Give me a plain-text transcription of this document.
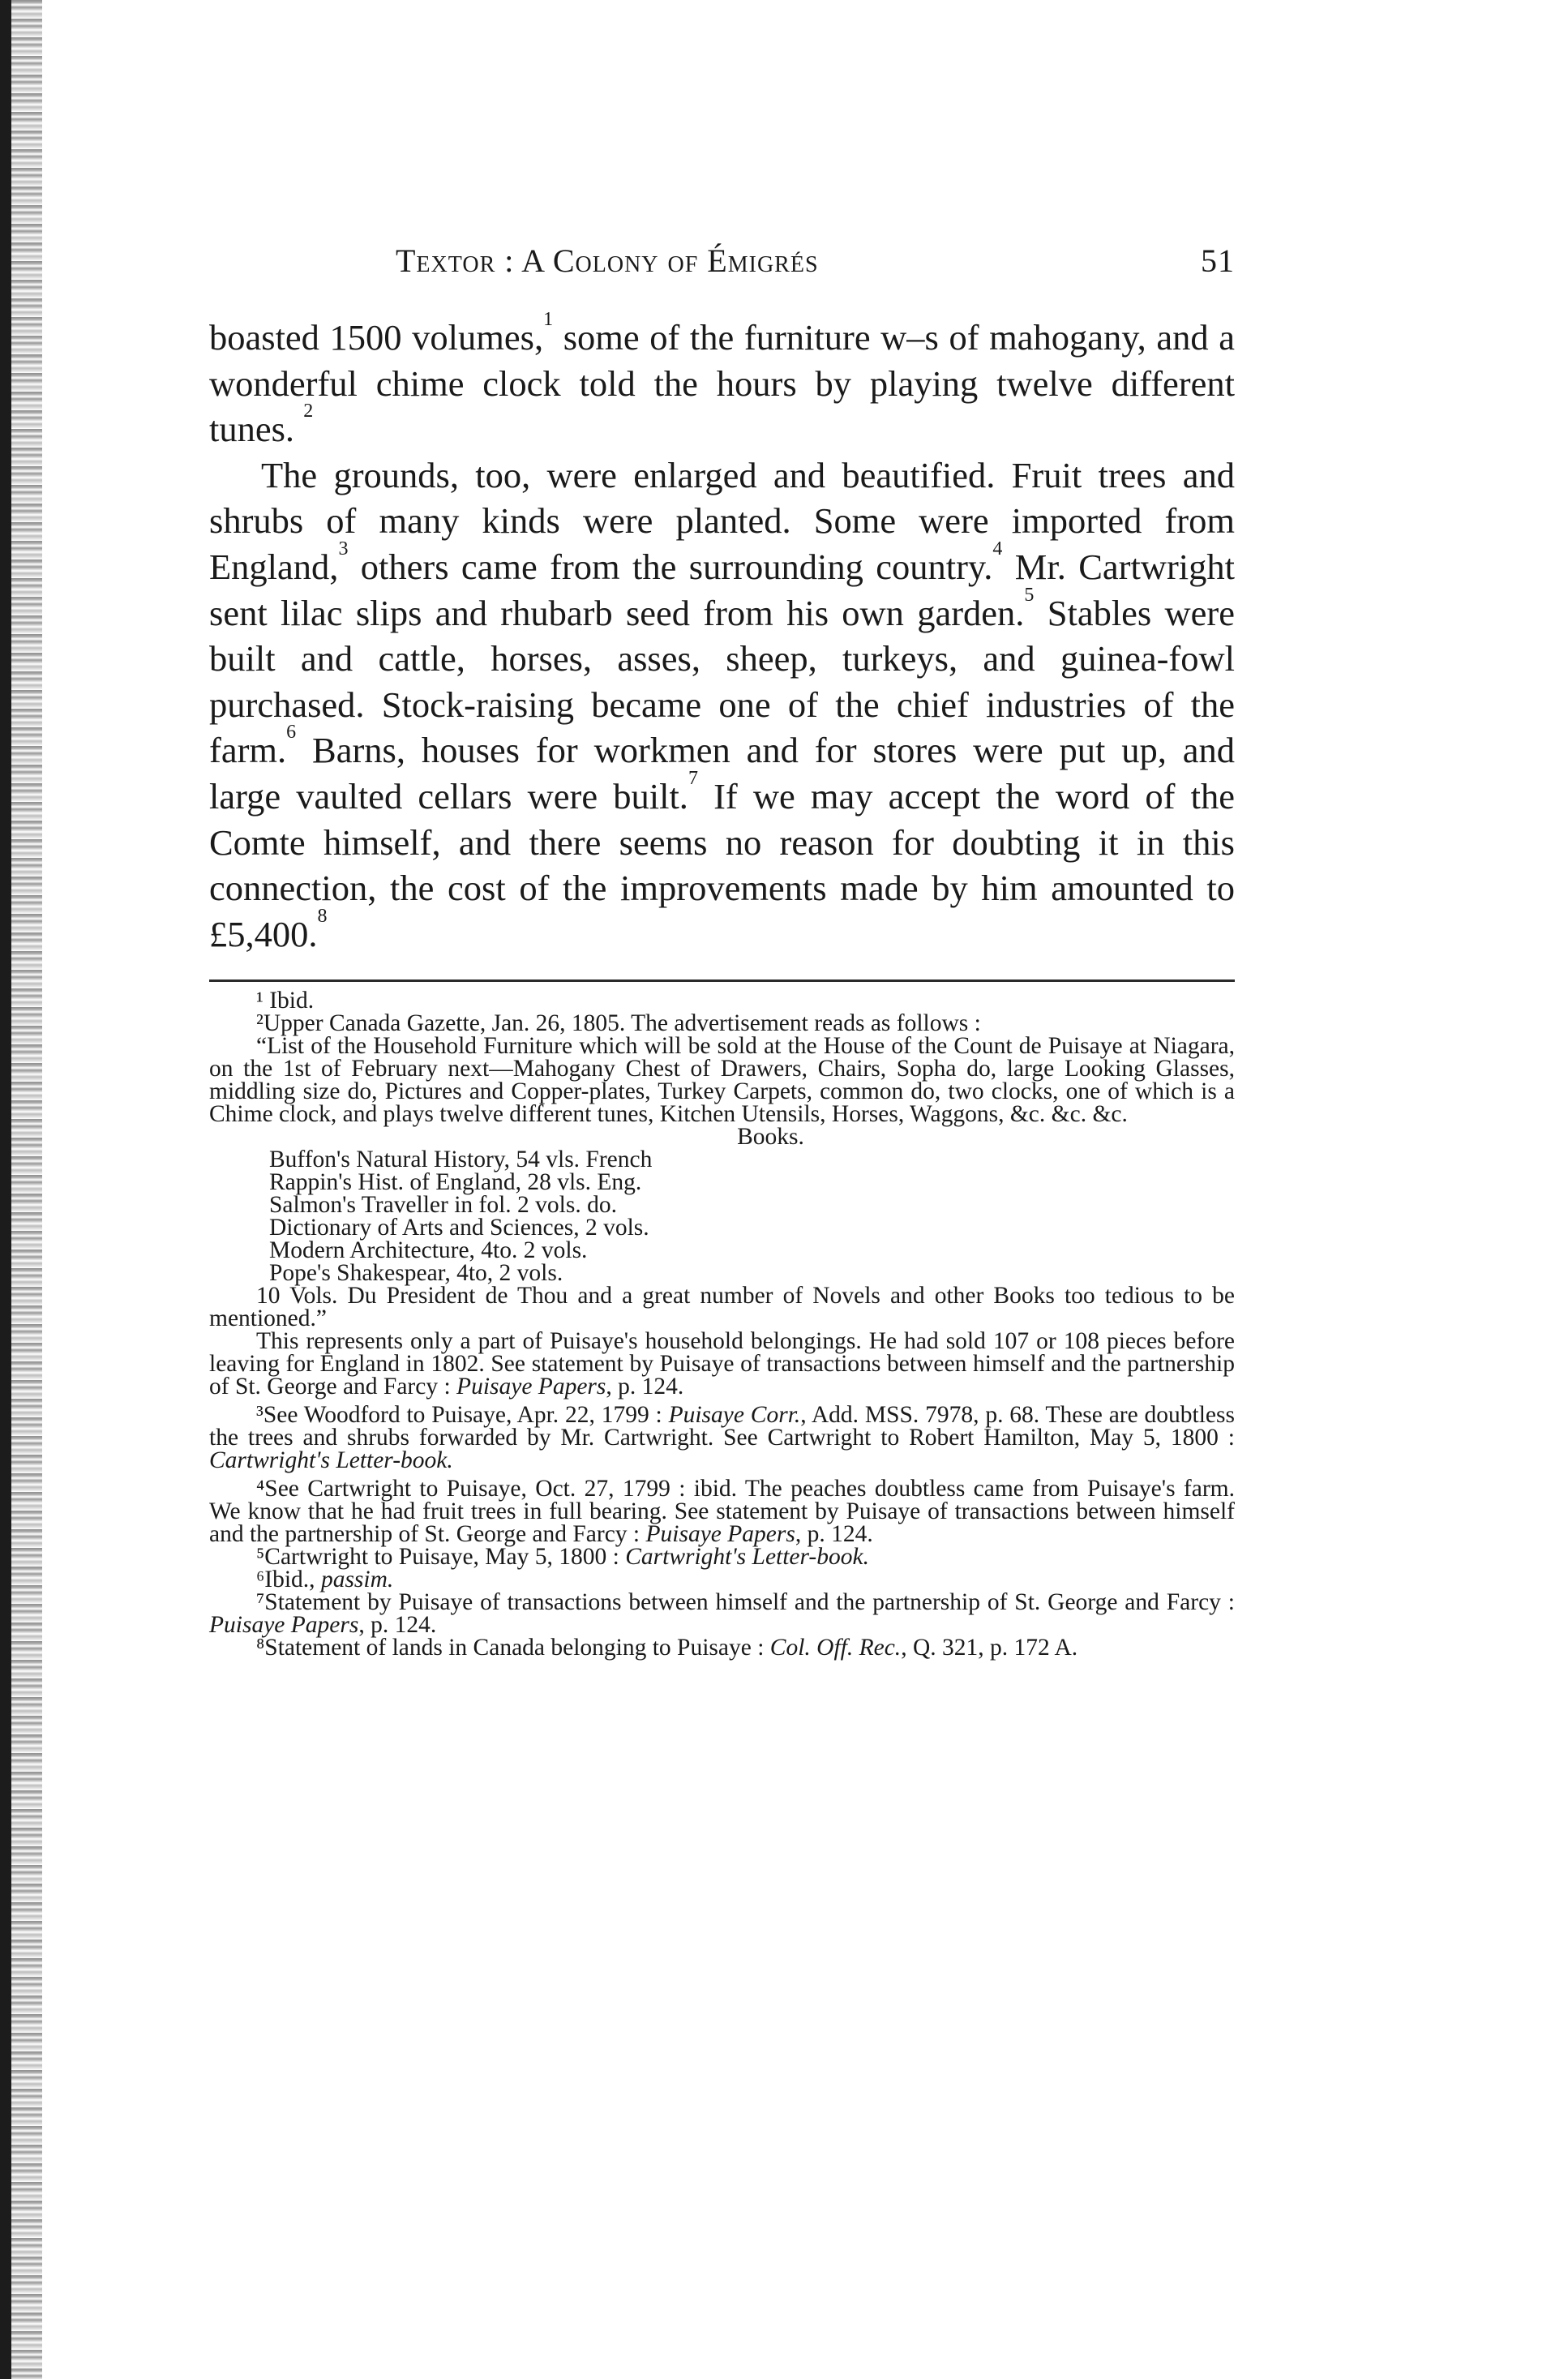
Textor : A Colony of Émigrés	51

boasted 1500 volumes,$^1$ some of the furniture w–s of mahogany, and a wonderful chime clock told the hours by playing twelve different tunes. $^2$

The grounds, too, were enlarged and beautified. Fruit trees and shrubs of many kinds were planted. Some were imported from England,$^3$ others came from the surrounding country.$^4$ Mr. Cartwright sent lilac slips and rhubarb seed from his own garden.$^5$ Stables were built and cattle, horses, asses, sheep, turkeys, and guinea-fowl purchased. Stock-raising became one of the chief industries of the farm.$^6$ Barns, houses for workmen and for stores were put up, and large vaulted cellars were built.$^7$ If we may accept the word of the Comte himself, and there seems no reason for doubting it in this connection, the cost of the improvements made by him amounted to £5,400.$^8$

¹ Ibid.

²Upper Canada Gazette, Jan. 26, 1805. The advertisement reads as follows :

“List of the Household Furniture which will be sold at the House of the Count de Puisaye at Niagara, on the 1st of February next—Mahogany Chest of Drawers, Chairs, Sopha do, large Looking Glasses, middling size do, Pictures and Copper-plates, Turkey Carpets, common do, two clocks, one of which is a Chime clock, and plays twelve different tunes, Kitchen Utensils, Horses, Waggons, &c. &c. &c.

Books.

Buffon's Natural History, 54 vls. French

Rappin's Hist. of England, 28 vls. Eng.

Salmon's Traveller in fol. 2 vols. do.

Dictionary of Arts and Sciences, 2 vols.

Modern Architecture, 4to. 2 vols.

Pope's Shakespear, 4to, 2 vols.

10 Vols. Du President de Thou and a great number of Novels and other Books too tedious to be mentioned.”

This represents only a part of Puisaye's household belongings. He had sold 107 or 108 pieces before leaving for England in 1802. See statement by Puisaye of transactions between himself and the partnership of St. George and Farcy : Puisaye Papers, p. 124.

³See Woodford to Puisaye, Apr. 22, 1799 : Puisaye Corr., Add. MSS. 7978, p. 68. These are doubtless the trees and shrubs forwarded by Mr. Cartwright. See Cartwright to Robert Hamilton, May 5, 1800 : Cartwright's Letter-book.

⁴See Cartwright to Puisaye, Oct. 27, 1799 : ibid. The peaches doubtless came from Puisaye's farm. We know that he had fruit trees in full bearing. See statement by Puisaye of transactions between himself and the partnership of St. George and Farcy : Puisaye Papers, p. 124.

⁵Cartwright to Puisaye, May 5, 1800 : Cartwright's Letter-book.

⁶Ibid., passim.

⁷Statement by Puisaye of transactions between himself and the partnership of St. George and Farcy : Puisaye Papers, p. 124.

⁸Statement of lands in Canada belonging to Puisaye : Col. Off. Rec., Q. 321, p. 172 A.
